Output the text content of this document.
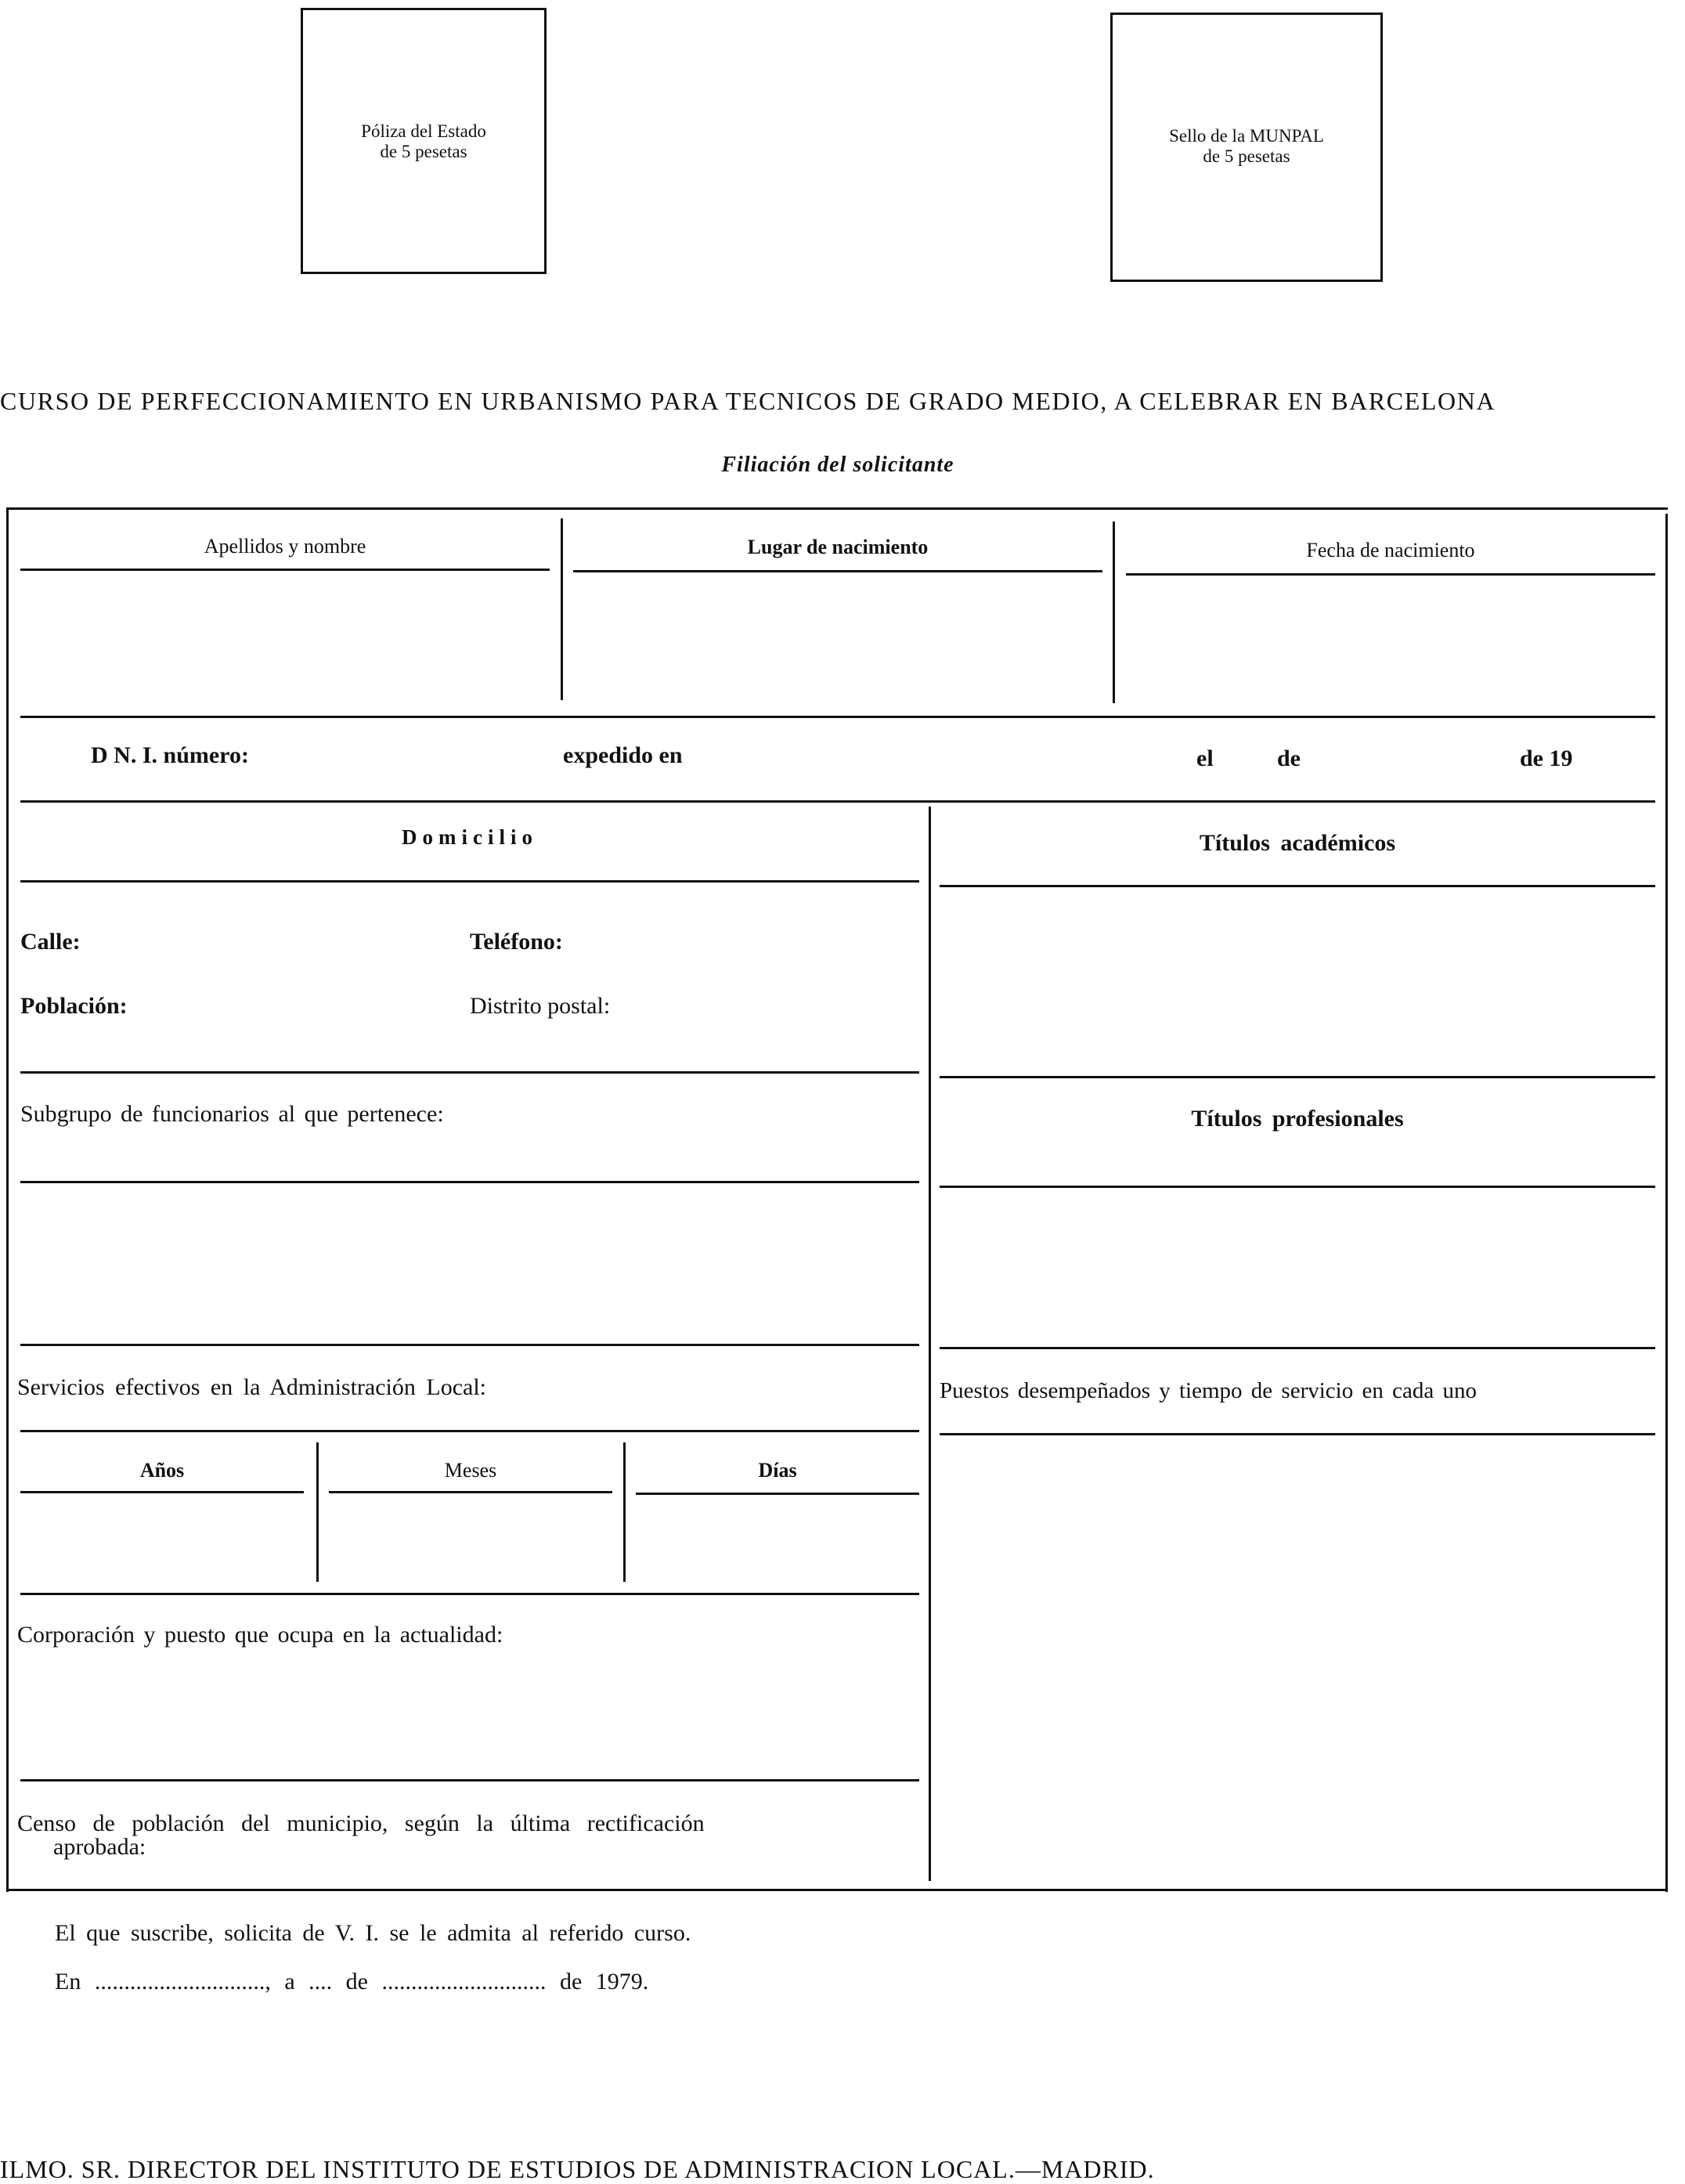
Póliza del Estado
de 5 pesetas
Sello de la MUNPAL
de 5 pesetas
CURSO DE PERFECCIONAMIENTO EN URBANISMO PARA TECNICOS DE GRADO MEDIO, A CELEBRAR EN BARCELONA
Filiación del solicitante
Apellidos y nombre	Lugar de nacimiento	Fecha de nacimiento
D N. I. número:	expedido en	el	de	de 19
Domicilio
Calle:	Teléfono:
Población:	Distrito postal:
Subgrupo de funcionarios al que pertenece:
Servicios efectivos en la Administración Local:
Años	Meses	Días
Corporación y puesto que ocupa en la actualidad:
Censo de población del municipio, según la última rectificación
aprobada:
Títulos académicos
Títulos profesionales
Puestos desempeñados y tiempo de servicio en cada uno
El que suscribe, solicita de V. I. se le admita al referido curso.
En ............................., a .... de ............................ de 1979.
ILMO. SR. DIRECTOR DEL INSTITUTO DE ESTUDIOS DE ADMINISTRACION LOCAL.—MADRID.
